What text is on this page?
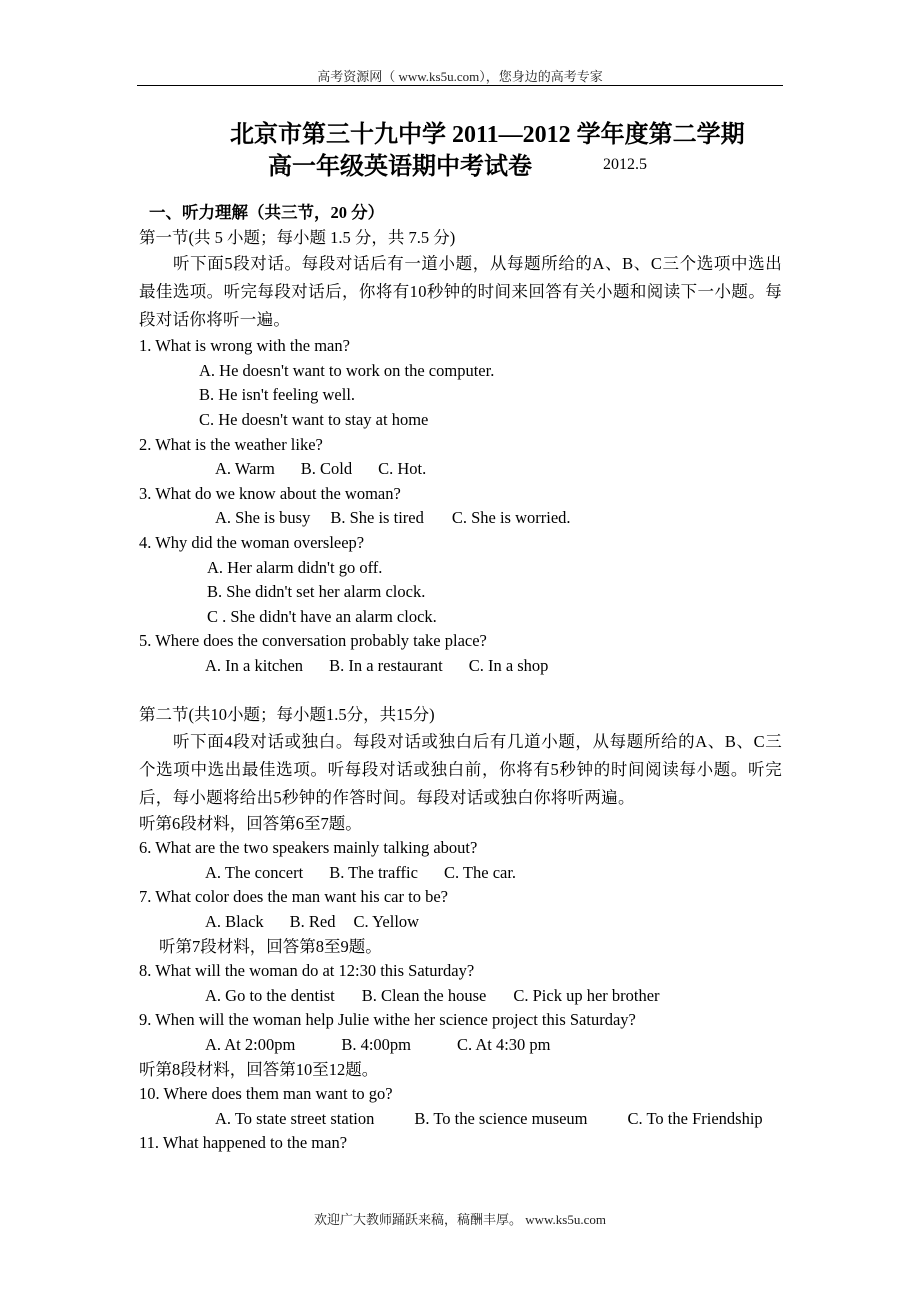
高考资源网（ www.ks5u.com），您身边的高考专家
北京市第三十九中学 2011—2012 学年度第二学期
高一年级英语期中考试卷	2012.5
一、听力理解（共三节，20 分）
第一节(共 5 小题；每小题 1.5 分，共 7.5 分)
听下面5段对话。每段对话后有一道小题，从每题所给的A、B、C三个选项中选出最佳选项。听完每段对话后，你将有10秒钟的时间来回答有关小题和阅读下一小题。每段对话你将听一遍。
1. What is wrong with the man?
A. He doesn't want to work on the computer.
B. He isn't feeling well.
C. He doesn't want to stay at home
2. What is the weather like?
A. Warm B. Cold C. Hot.
3. What do we know about the woman?
A. She is busy B. She is tired C. She is worried.
4. Why did the woman oversleep?
A. Her alarm didn't go off.
B. She didn't set her alarm clock.
C . She didn't have an alarm clock.
5. Where does the conversation probably take place?
A. In a kitchen B. In a restaurant C. In a shop
第二节(共10小题；每小题1.5分，共15分)
听下面4段对话或独白。每段对话或独白后有几道小题，从每题所给的A、B、C三个选项中选出最佳选项。听每段对话或独白前，你将有5秒钟的时间阅读每小题。听完后，每小题将给出5秒钟的作答时间。每段对话或独白你将听两遍。
听第6段材料，回答第6至7题。
6. What are the two speakers mainly talking about?
A. The concert B. The traffic C. The car.
7. What color does the man want his car to be?
A. Black B. Red C. Yellow
听第7段材料，回答第8至9题。
8. What will the woman do at 12:30 this Saturday?
A. Go to the dentist B. Clean the house C. Pick up her brother
9. When will the woman help Julie withe her science project this Saturday?
A. At 2:00pm	B. 4:00pm	C. At 4:30 pm
听第8段材料，回答第10至12题。
10. Where does them man want to go?
A. To state street station B. To the science museum C. To the Friendship
11. What happened to the man?
欢迎广大教师踊跃来稿，稿酬丰厚。 www.ks5u.com
